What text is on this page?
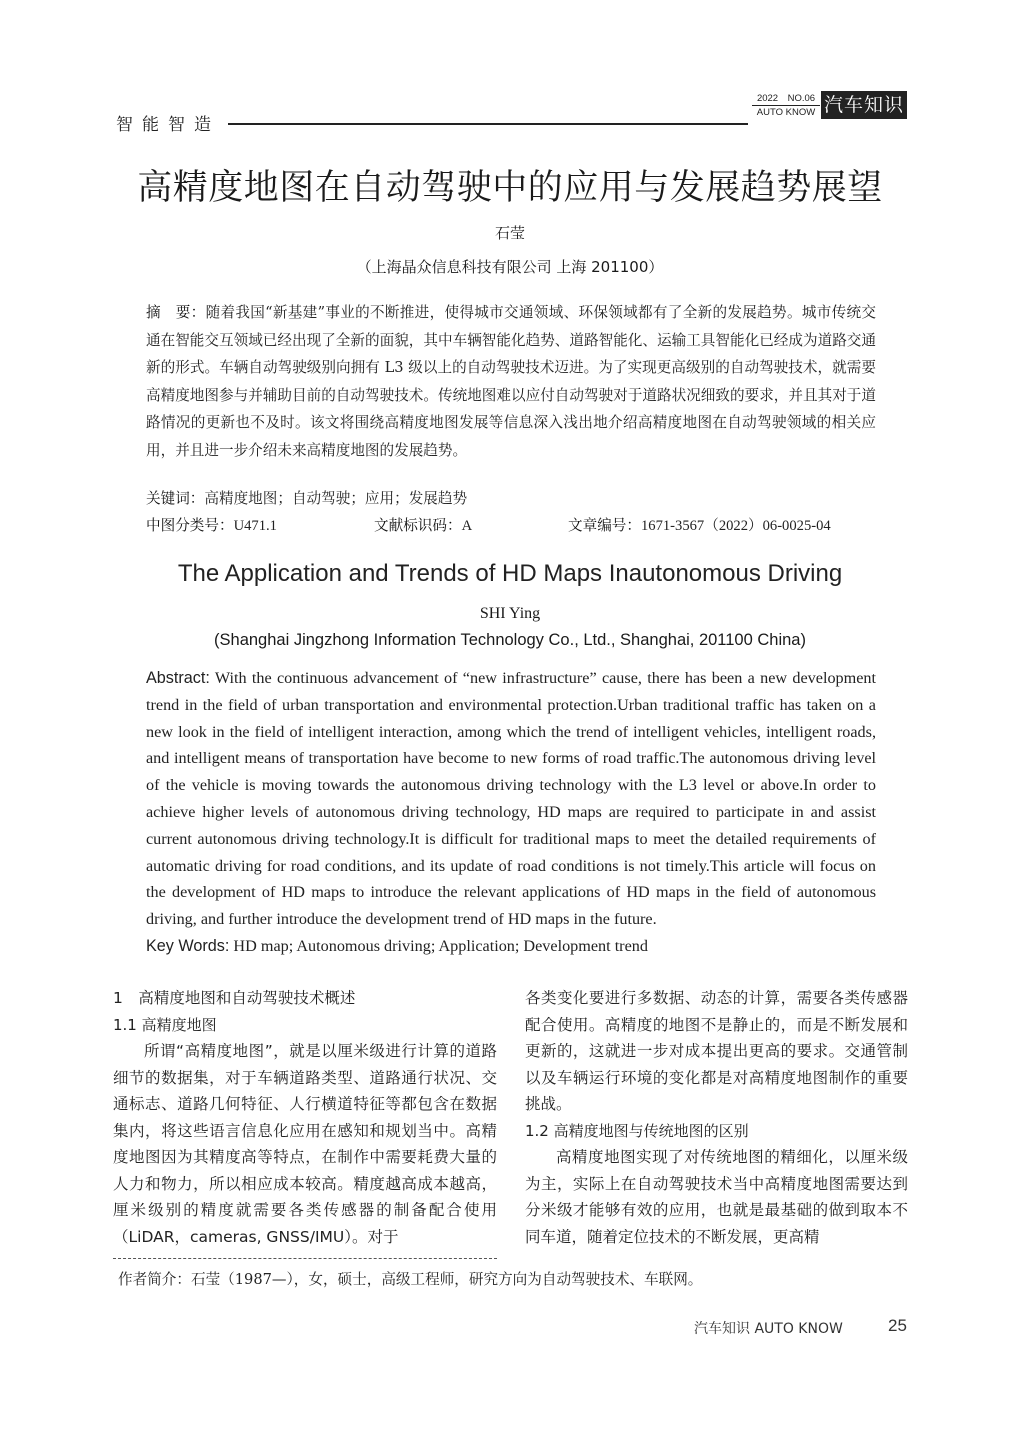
智能智造
2022　NO.06
AUTO KNOW 汽车知识
高精度地图在自动驾驶中的应用与发展趋势展望
石莹
（上海晶众信息科技有限公司 上海 201100）
摘　要：随着我国“新基建”事业的不断推进，使得城市交通领域、环保领域都有了全新的发展趋势。城市传统交通在智能交互领域已经出现了全新的面貌，其中车辆智能化趋势、道路智能化、运输工具智能化已经成为道路交通新的形式。车辆自动驾驶级别向拥有 L3 级以上的自动驾驶技术迈进。为了实现更高级别的自动驾驶技术，就需要高精度地图参与并辅助目前的自动驾驶技术。传统地图难以应付自动驾驶对于道路状况细致的要求，并且其对于道路情况的更新也不及时。该文将围绕高精度地图发展等信息深入浅出地介绍高精度地图在自动驾驶领域的相关应用，并且进一步介绍未来高精度地图的发展趋势。
关键词：高精度地图；自动驾驶；应用；发展趋势
中图分类号：U471.1	文献标识码：A	文章编号：1671-3567（2022）06-0025-04
The Application and Trends of HD Maps Inautonomous Driving
SHI Ying
(Shanghai Jingzhong Information Technology Co., Ltd., Shanghai, 201100 China)
Abstract: With the continuous advancement of “new infrastructure” cause, there has been a new development trend in the field of urban transportation and environmental protection.Urban traditional traffic has taken on a new look in the field of intelligent interaction, among which the trend of intelligent vehicles, intelligent roads, and intelligent means of transportation have become to new forms of road traffic.The autonomous driving level of the vehicle is moving towards the autonomous driving technology with the L3 level or above.In order to achieve higher levels of autonomous driving technology, HD maps are required to participate in and assist current autonomous driving technology.It is difficult for traditional maps to meet the detailed requirements of automatic driving for road conditions, and its update of road conditions is not timely.This article will focus on the development of HD maps to introduce the relevant applications of HD maps in the field of autonomous driving, and further introduce the development trend of HD maps in the future.
Key Words: HD map; Autonomous driving; Application; Development trend

1　高精度地图和自动驾驶技术概述

1.1 高精度地图

所谓“高精度地图”，就是以厘米级进行计算的道路细节的数据集，对于车辆道路类型、道路通行状况、交通标志、道路几何特征、人行横道特征等都包含在数据集内，将这些语言信息化应用在感知和规划当中。高精度地图因为其精度高等特点，在制作中需要耗费大量的人力和物力，所以相应成本较高。精度越高成本越高，厘米级别的精度就需要各类传感器的制备配合使用（LiDAR，cameras, GNSS/IMU）。对于

各类变化要进行多数据、动态的计算，需要各类传感器配合使用。高精度的地图不是静止的，而是不断发展和更新的，这就进一步对成本提出更高的要求。交通管制以及车辆运行环境的变化都是对高精度地图制作的重要挑战。

1.2 高精度地图与传统地图的区别

高精度地图实现了对传统地图的精细化，以厘米级为主，实际上在自动驾驶技术当中高精度地图需要达到分米级才能够有效的应用，也就是最基础的做到取本不同车道，随着定位技术的不断发展，更高精

作者简介：石莹（1987—），女，硕士，高级工程师，研究方向为自动驾驶技术、车联网。
汽车知识 AUTO KNOW	25
